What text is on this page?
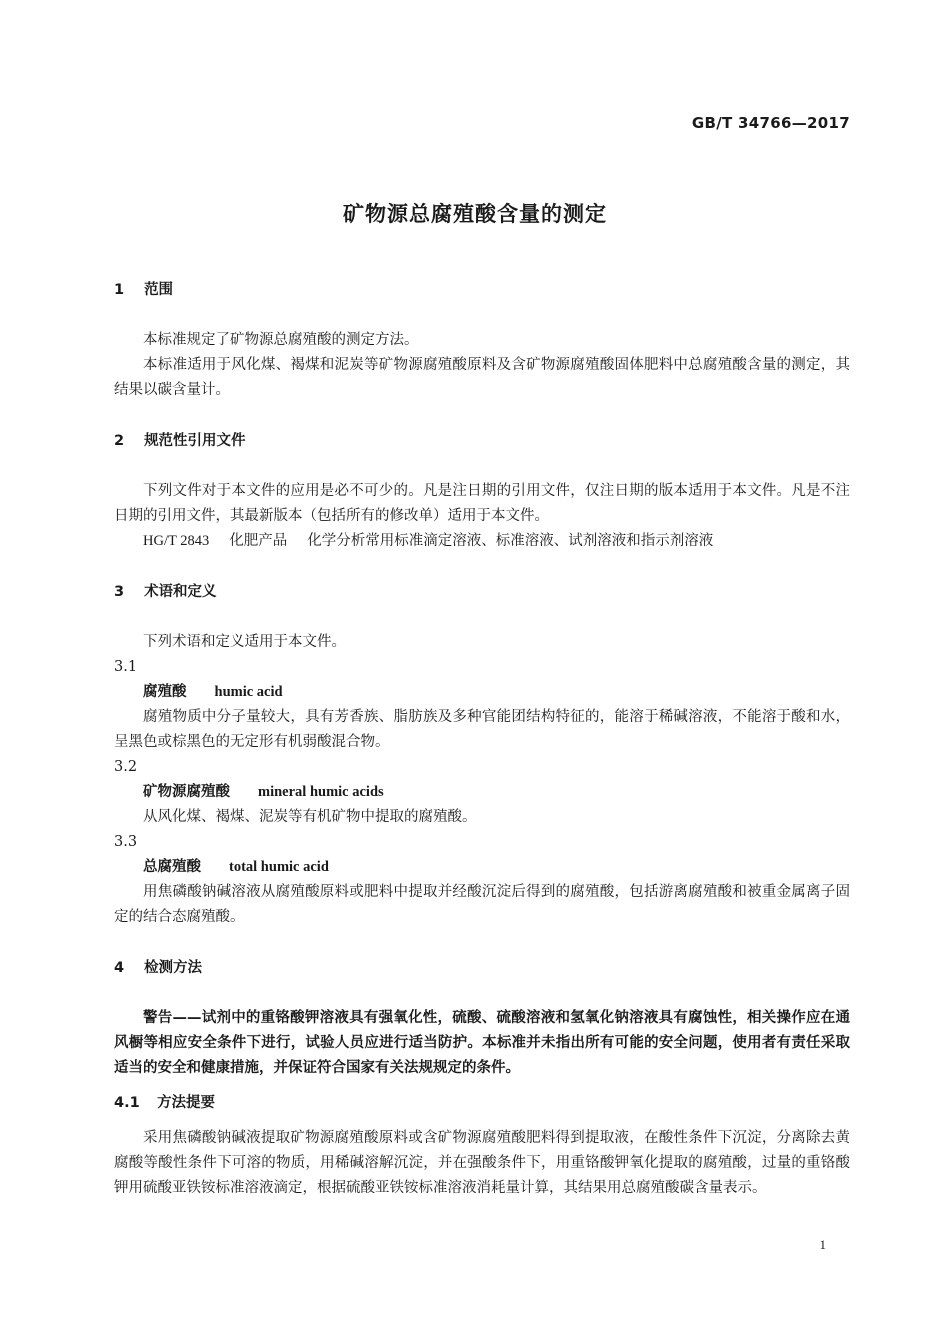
GB/T 34766—2017
矿物源总腐殖酸含量的测定
1 范围

本标准规定了矿物源总腐殖酸的测定方法。

本标准适用于风化煤、褐煤和泥炭等矿物源腐殖酸原料及含矿物源腐殖酸固体肥料中总腐殖酸含量的测定，其结果以碳含量计。

2 规范性引用文件

下列文件对于本文件的应用是必不可少的。凡是注日期的引用文件，仅注日期的版本适用于本文件。凡是不注日期的引用文件，其最新版本（包括所有的修改单）适用于本文件。

HG/T 2843 化肥产品 化学分析常用标准滴定溶液、标准溶液、试剂溶液和指示剂溶液
3 术语和定义

下列术语和定义适用于本文件。

3.1
腐殖酸 humic acid

腐殖物质中分子量较大，具有芳香族、脂肪族及多种官能团结构特征的，能溶于稀碱溶液，不能溶于酸和水，呈黑色或棕黑色的无定形有机弱酸混合物。

3.2
矿物源腐殖酸 mineral humic acids

从风化煤、褐煤、泥炭等有机矿物中提取的腐殖酸。

3.3
总腐殖酸 total humic acid

用焦磷酸钠碱溶液从腐殖酸原料或肥料中提取并经酸沉淀后得到的腐殖酸，包括游离腐殖酸和被重金属离子固定的结合态腐殖酸。

4 检测方法

警告——试剂中的重铬酸钾溶液具有强氧化性，硫酸、硫酸溶液和氢氧化钠溶液具有腐蚀性，相关操作应在通风橱等相应安全条件下进行，试验人员应进行适当防护。本标准并未指出所有可能的安全问题，使用者有责任采取适当的安全和健康措施，并保证符合国家有关法规规定的条件。

4.1 方法提要

采用焦磷酸钠碱液提取矿物源腐殖酸原料或含矿物源腐殖酸肥料得到提取液，在酸性条件下沉淀，分离除去黄腐酸等酸性条件下可溶的物质，用稀碱溶解沉淀，并在强酸条件下，用重铬酸钾氧化提取的腐殖酸，过量的重铬酸钾用硫酸亚铁铵标准溶液滴定，根据硫酸亚铁铵标准溶液消耗量计算，其结果用总腐殖酸碳含量表示。

1
